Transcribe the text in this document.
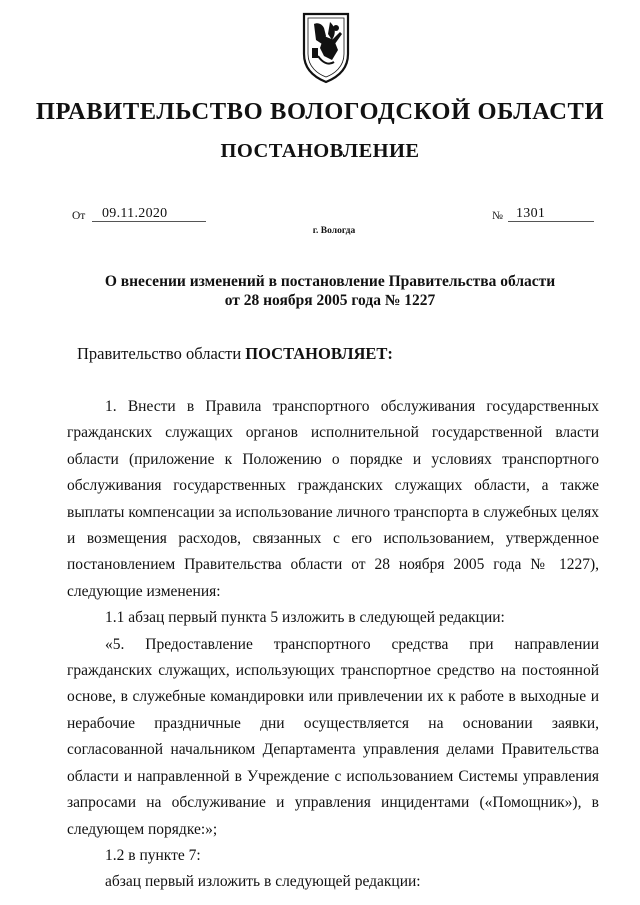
ПРАВИТЕЛЬСТВО ВОЛОГОДСКОЙ ОБЛАСТИ
ПОСТАНОВЛЕНИЕ
От	09.11.2020	№ 1301
г. Вологда
О внесении изменений в постановление Правительства области
от 28 ноября 2005 года № 1227
Правительство области ПОСТАНОВЛЯЕТ:

1. Внести в Правила транспортного обслуживания государственных гражданских служащих органов исполнительной государственной власти области (приложение к Положению о порядке и условиях транспортного обслуживания государственных гражданских служащих области, а также выплаты компенсации за использование личного транспорта в служебных целях и возмещения расходов, связанных с его использованием, утвержденное постановлением Правительства области от 28 ноября 2005 года № 1227), следующие изменения:

1.1 абзац первый пункта 5 изложить в следующей редакции:

«5. Предоставление транспортного средства при направлении гражданских служащих, использующих транспортное средство на постоянной основе, в служебные командировки или привлечении их к работе в выходные и нерабочие праздничные дни осуществляется на основании заявки, согласованной начальником Департамента управления делами Правительства области и направленной в Учреждение с использованием Системы управления запросами на обслуживание и управления инцидентами («Помощник»), в следующем порядке:»;

1.2 в пункте 7:

абзац первый изложить в следующей редакции:
